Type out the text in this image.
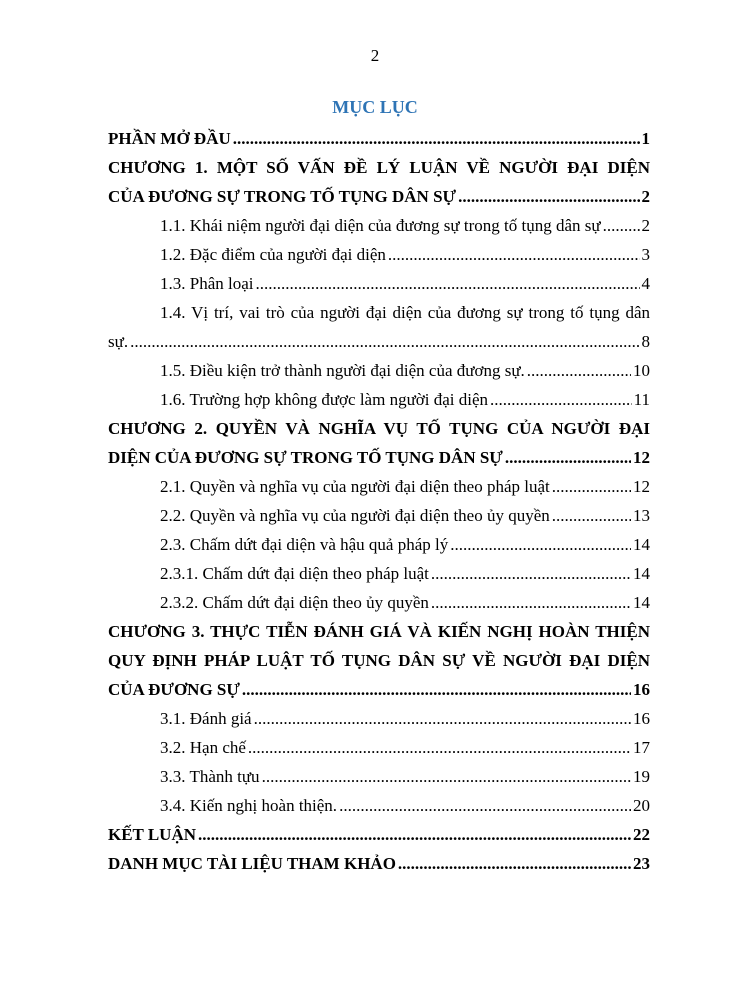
2
MỤC LỤC
PHẦN MỞ ĐẦU .....	1
CHƯƠNG 1. MỘT SỐ VẤN ĐỀ LÝ LUẬN VỀ NGƯỜI ĐẠI DIỆN
CỦA ĐƯƠNG SỰ TRONG TỐ TỤNG DÂN SỰ .....	2
1.1. Khái niệm người đại diện của đương sự trong tố tụng dân sự ..... 2
1.2. Đặc điểm của người đại diện .....	3
1.3. Phân loại .....	4
1.4. Vị trí, vai trò của người đại diện của đương sự trong tố tụng dân
sự. .....	8
1.5. Điều kiện trở thành người đại diện của đương sự. .....	10
1.6. Trường hợp không được làm người đại diện .....	11
CHƯƠNG 2. QUYỀN VÀ NGHĨA VỤ TỐ TỤNG CỦA NGƯỜI ĐẠI
DIỆN CỦA ĐƯƠNG SỰ TRONG TỐ TỤNG DÂN SỰ .....	12
2.1. Quyền và nghĩa vụ của người đại diện theo pháp luật .....	12
2.2. Quyền và nghĩa vụ của người đại diện theo ủy quyền .....	13
2.3. Chấm dứt đại diện và hậu quả pháp lý .....	14
2.3.1. Chấm dứt đại diện theo pháp luật .....	14
2.3.2. Chấm dứt đại diện theo ủy quyền .....	14
CHƯƠNG 3. THỰC TIỄN ĐÁNH GIÁ VÀ KIẾN NGHỊ HOÀN THIỆN
QUY ĐỊNH PHÁP LUẬT TỐ TỤNG DÂN SỰ VỀ NGƯỜI ĐẠI DIỆN
CỦA ĐƯƠNG SỰ .....	16
3.1. Đánh giá .....	16
3.2. Hạn chế .....	17
3.3. Thành tựu .....	19
3.4. Kiến nghị hoàn thiện. .....	20
KẾT LUẬN .....	22
DANH MỤC TÀI LIỆU THAM KHẢO .....	23
